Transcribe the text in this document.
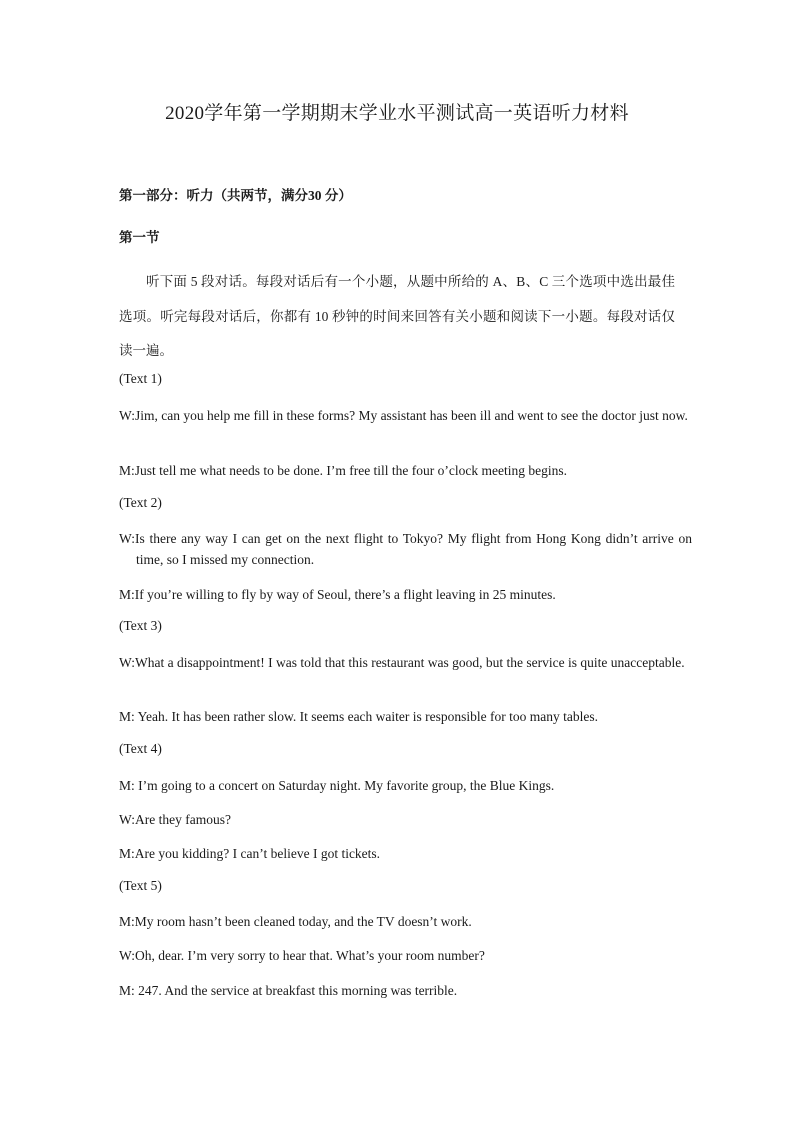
2020学年第一学期期末学业水平测试高一英语听力材料
第一部分：听力（共两节，满分30 分）
第一节
听下面 5 段对话。每段对话后有一个小题，从题中所给的 A、B、C 三个选项中选出最佳选项。听完每段对话后，你都有 10 秒钟的时间来回答有关小题和阅读下一小题。每段对话仅读一遍。
(Text 1)
W:Jim, can you help me fill in these forms? My assistant has been ill and went to see the doctor just now.
M:Just tell me what needs to be done. I’m free till the four o’clock meeting begins.
(Text 2)
W:Is there any way I can get on the next flight to Tokyo? My flight from Hong Kong didn’t arrive on time, so I missed my connection.
M:If you’re willing to fly by way of Seoul, there’s a flight leaving in 25 minutes.
(Text 3)
W:What a disappointment! I was told that this restaurant was good, but the service is quite unacceptable.
M: Yeah. It has been rather slow. It seems each waiter is responsible for too many tables.
(Text 4)
M: I’m going to a concert on Saturday night. My favorite group, the Blue Kings.
W:Are they famous?
M:Are you kidding? I can’t believe I got tickets.
(Text 5)
M:My room hasn’t been cleaned today, and the TV doesn’t work.
W:Oh, dear. I’m very sorry to hear that. What’s your room number?
M: 247. And the service at breakfast this morning was terrible.
